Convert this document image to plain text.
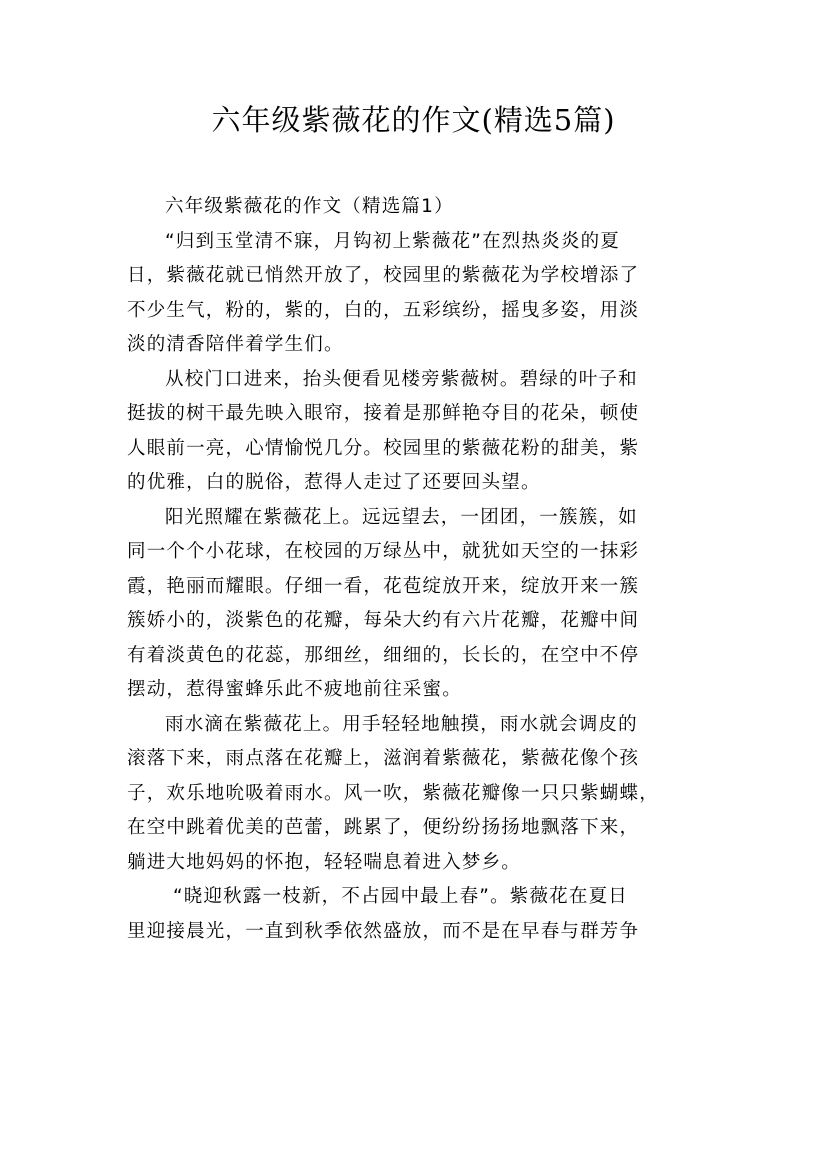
六年级紫薇花的作文(精选5篇)
六年级紫薇花的作文（精选篇1）
“归到玉堂清不寐，月钩初上紫薇花”在烈热炎炎的夏
日，紫薇花就已悄然开放了，校园里的紫薇花为学校增添了
不少生气，粉的，紫的，白的，五彩缤纷，摇曳多姿，用淡
淡的清香陪伴着学生们。
从校门口进来，抬头便看见楼旁紫薇树。碧绿的叶子和
挺拔的树干最先映入眼帘，接着是那鲜艳夺目的花朵，顿使
人眼前一亮，心情愉悦几分。校园里的紫薇花粉的甜美，紫
的优雅，白的脱俗，惹得人走过了还要回头望。
阳光照耀在紫薇花上。远远望去，一团团，一簇簇，如
同一个个小花球，在校园的万绿丛中，就犹如天空的一抹彩
霞，艳丽而耀眼。仔细一看，花苞绽放开来，绽放开来一簇
簇娇小的，淡紫色的花瓣，每朵大约有六片花瓣，花瓣中间
有着淡黄色的花蕊，那细丝，细细的，长长的，在空中不停
摆动，惹得蜜蜂乐此不疲地前往采蜜。
雨水滴在紫薇花上。用手轻轻地触摸，雨水就会调皮的
滚落下来，雨点落在花瓣上，滋润着紫薇花，紫薇花像个孩
子，欢乐地吮吸着雨水。风一吹，紫薇花瓣像一只只紫蝴蝶，
在空中跳着优美的芭蕾，跳累了，便纷纷扬扬地飘落下来，
躺进大地妈妈的怀抱，轻轻喘息着进入梦乡。
“晓迎秋露一枝新，不占园中最上春”。紫薇花在夏日
里迎接晨光，一直到秋季依然盛放，而不是在早春与群芳争
